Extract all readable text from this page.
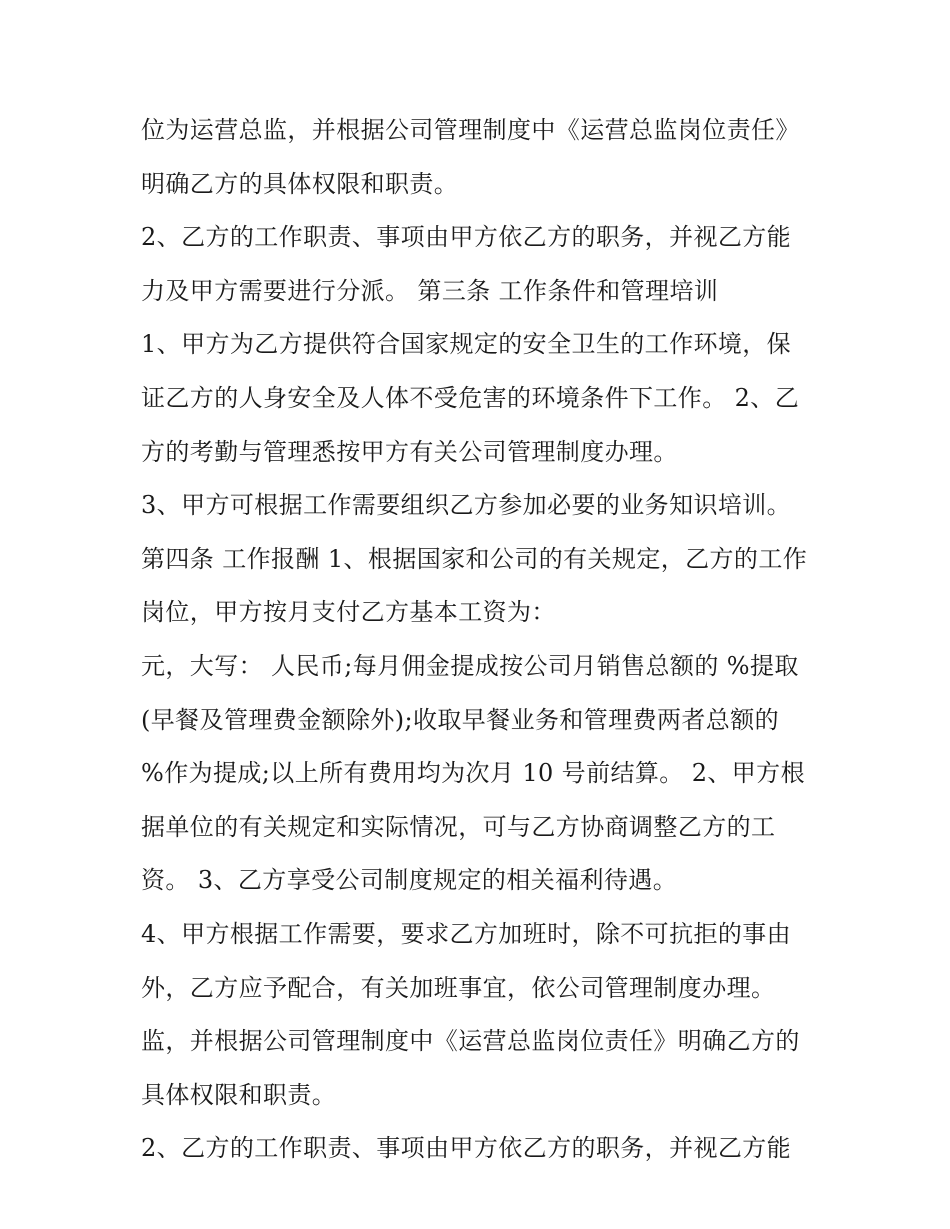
位为运营总监，并根据公司管理制度中《运营总监岗位责任》
明确乙方的具体权限和职责。
2、乙方的工作职责、事项由甲方依乙方的职务，并视乙方能
力及甲方需要进行分派。 第三条 工作条件和管理培训
1、甲方为乙方提供符合国家规定的安全卫生的工作环境，保
证乙方的人身安全及人体不受危害的环境条件下工作。 2、乙
方的考勤与管理悉按甲方有关公司管理制度办理。
3、甲方可根据工作需要组织乙方参加必要的业务知识培训。
第四条 工作报酬 1、根据国家和公司的有关规定，乙方的工作
岗位，甲方按月支付乙方基本工资为：
元，大写： 人民币;每月佣金提成按公司月销售总额的 %提取
(早餐及管理费金额除外);收取早餐业务和管理费两者总额的
%作为提成;以上所有费用均为次月 10 号前结算。 2、甲方根
据单位的有关规定和实际情况，可与乙方协商调整乙方的工
资。 3、乙方享受公司制度规定的相关福利待遇。
4、甲方根据工作需要，要求乙方加班时，除不可抗拒的事由
外，乙方应予配合，有关加班事宜，依公司管理制度办理。
监，并根据公司管理制度中《运营总监岗位责任》明确乙方的
具体权限和职责。
2、乙方的工作职责、事项由甲方依乙方的职务，并视乙方能
